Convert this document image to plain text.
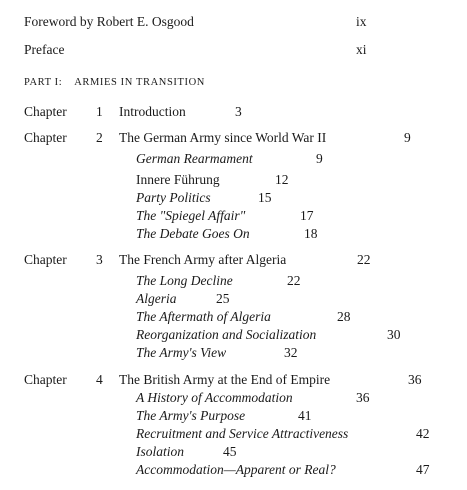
Foreword by Robert E. Osgood	ix
Preface	xi
PART I: ARMIES IN TRANSITION
Chapter 1 Introduction	3
Chapter 2 The German Army since World War II	9
German Rearmament	9
Innere Führung	12
Party Politics	15
The "Spiegel Affair"	17
The Debate Goes On	18
Chapter 3 The French Army after Algeria	22
The Long Decline	22
Algeria	25
The Aftermath of Algeria	28
Reorganization and Socialization	30
The Army's View	32
Chapter 4 The British Army at the End of Empire	36
A History of Accommodation	36
The Army's Purpose	41
Recruitment and Service Attractiveness	42
Isolation	45
Accommodation—Apparent or Real?	47
